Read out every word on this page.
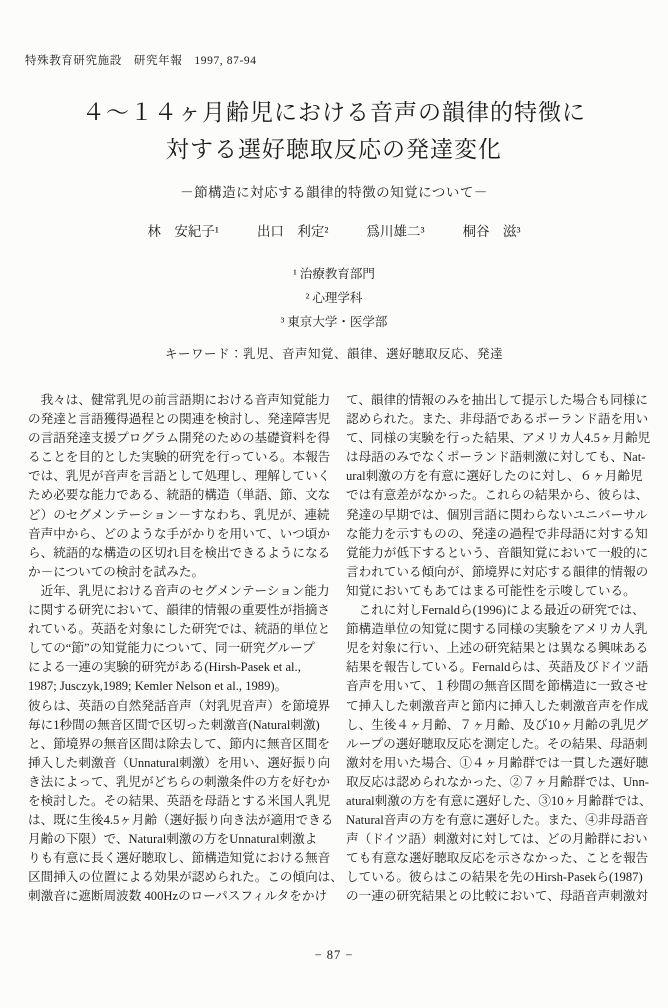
特殊教育研究施設　研究年報　1997, 87-94
４～１４ヶ月齢児における音声の韻律的特徴に
対する選好聴取反応の発達変化
－節構造に対応する韻律的特徴の知覚について－
林　安紀子¹	出口　利定²	爲川雄二³	桐谷　滋³
¹ 治療教育部門
² 心理学科
³ 東京大学・医学部
キーワード：乳児、音声知覚、韻律、選好聴取反応、発達
　我々は、健常乳児の前言語期における音声知覚能力
の発達と言語獲得過程との関連を検討し、発達障害児
の言語発達支援プログラム開発のための基礎資料を得
ることを目的とした実験的研究を行っている。本報告
では、乳児が音声を言語として処理し、理解していく
ため必要な能力である、統語的構造（単語、節、文な
ど）のセグメンテーション－すなわち、乳児が、連続
音声中から、どのような手がかりを用いて、いつ頃か
ら、統語的な構造の区切れ目を検出できるようになる
か－についての検討を試みた。
　近年、乳児における音声のセグメンテーション能力
に関する研究において、韻律的情報の重要性が指摘さ
れている。英語を対象にした研究では、統語的単位と
しての“節”の知覚能力について、同一研究グループ
による一連の実験的研究がある(Hirsh-Pasek et al.,
1987; Jusczyk,1989; Kemler Nelson et al., 1989)。
彼らは、英語の自然発話音声（対乳児音声）を節境界
毎に1秒間の無音区間で区切った刺激音(Natural刺激)
と、節境界の無音区間は除去して、節内に無音区間を
挿入した刺激音（Unnatural刺激）を用い、選好振り向
き法によって、乳児がどちらの刺激条件の方を好むか
を検討した。その結果、英語を母語とする米国人乳児
は、既に生後4.5ヶ月齢（選好振り向き法が適用できる
月齢の下限）で、Natural刺激の方をUnnatural刺激よ
りも有意に長く選好聴取し、節構造知覚における無音
区間挿入の位置による効果が認められた。この傾向は、
刺激音に遮断周波数 400Hzのローパスフィルタをかけ
て、韻律的情報のみを抽出して提示した場合も同様に
認められた。また、非母語であるポーランド語を用い
て、同様の実験を行った結果、アメリカ人4.5ヶ月齢児
は母語のみでなくポーランド語刺激に対しても、Nat-
ural刺激の方を有意に選好したのに対し、６ヶ月齢児
では有意差がなかった。これらの結果から、彼らは、
発達の早期では、個別言語に関わらないユニバーサル
な能力を示すものの、発達の過程で非母語に対する知
覚能力が低下するという、音韻知覚において一般的に
言われている傾向が、節境界に対応する韻律的情報の
知覚においてもあてはまる可能性を示唆している。
　これに対しFernaldら(1996)による最近の研究では、
節構造単位の知覚に関する同様の実験をアメリカ人乳
児を対象に行い、上述の研究結果とは異なる興味ある
結果を報告している。Fernaldらは、英語及びドイツ語
音声を用いて、１秒間の無音区間を節構造に一致させ
て挿入した刺激音声と節内に挿入した刺激音声を作成
し、生後４ヶ月齢、７ヶ月齢、及び10ヶ月齢の乳児グ
ループの選好聴取反応を測定した。その結果、母語刺
激対を用いた場合、①４ヶ月齢群では一貫した選好聴
取反応は認められなかった、②７ヶ月齢群では、Unn-
atural刺激の方を有意に選好した、③10ヶ月齢群では、
Natural音声の方を有意に選好した。また、④非母語音
声（ドイツ語）刺激対に対しては、どの月齢群におい
ても有意な選好聴取反応を示さなかった、ことを報告
している。彼らはこの結果を先のHirsh-Pasekら(1987)
の一連の研究結果との比較において、母語音声刺激対
− 87 −
